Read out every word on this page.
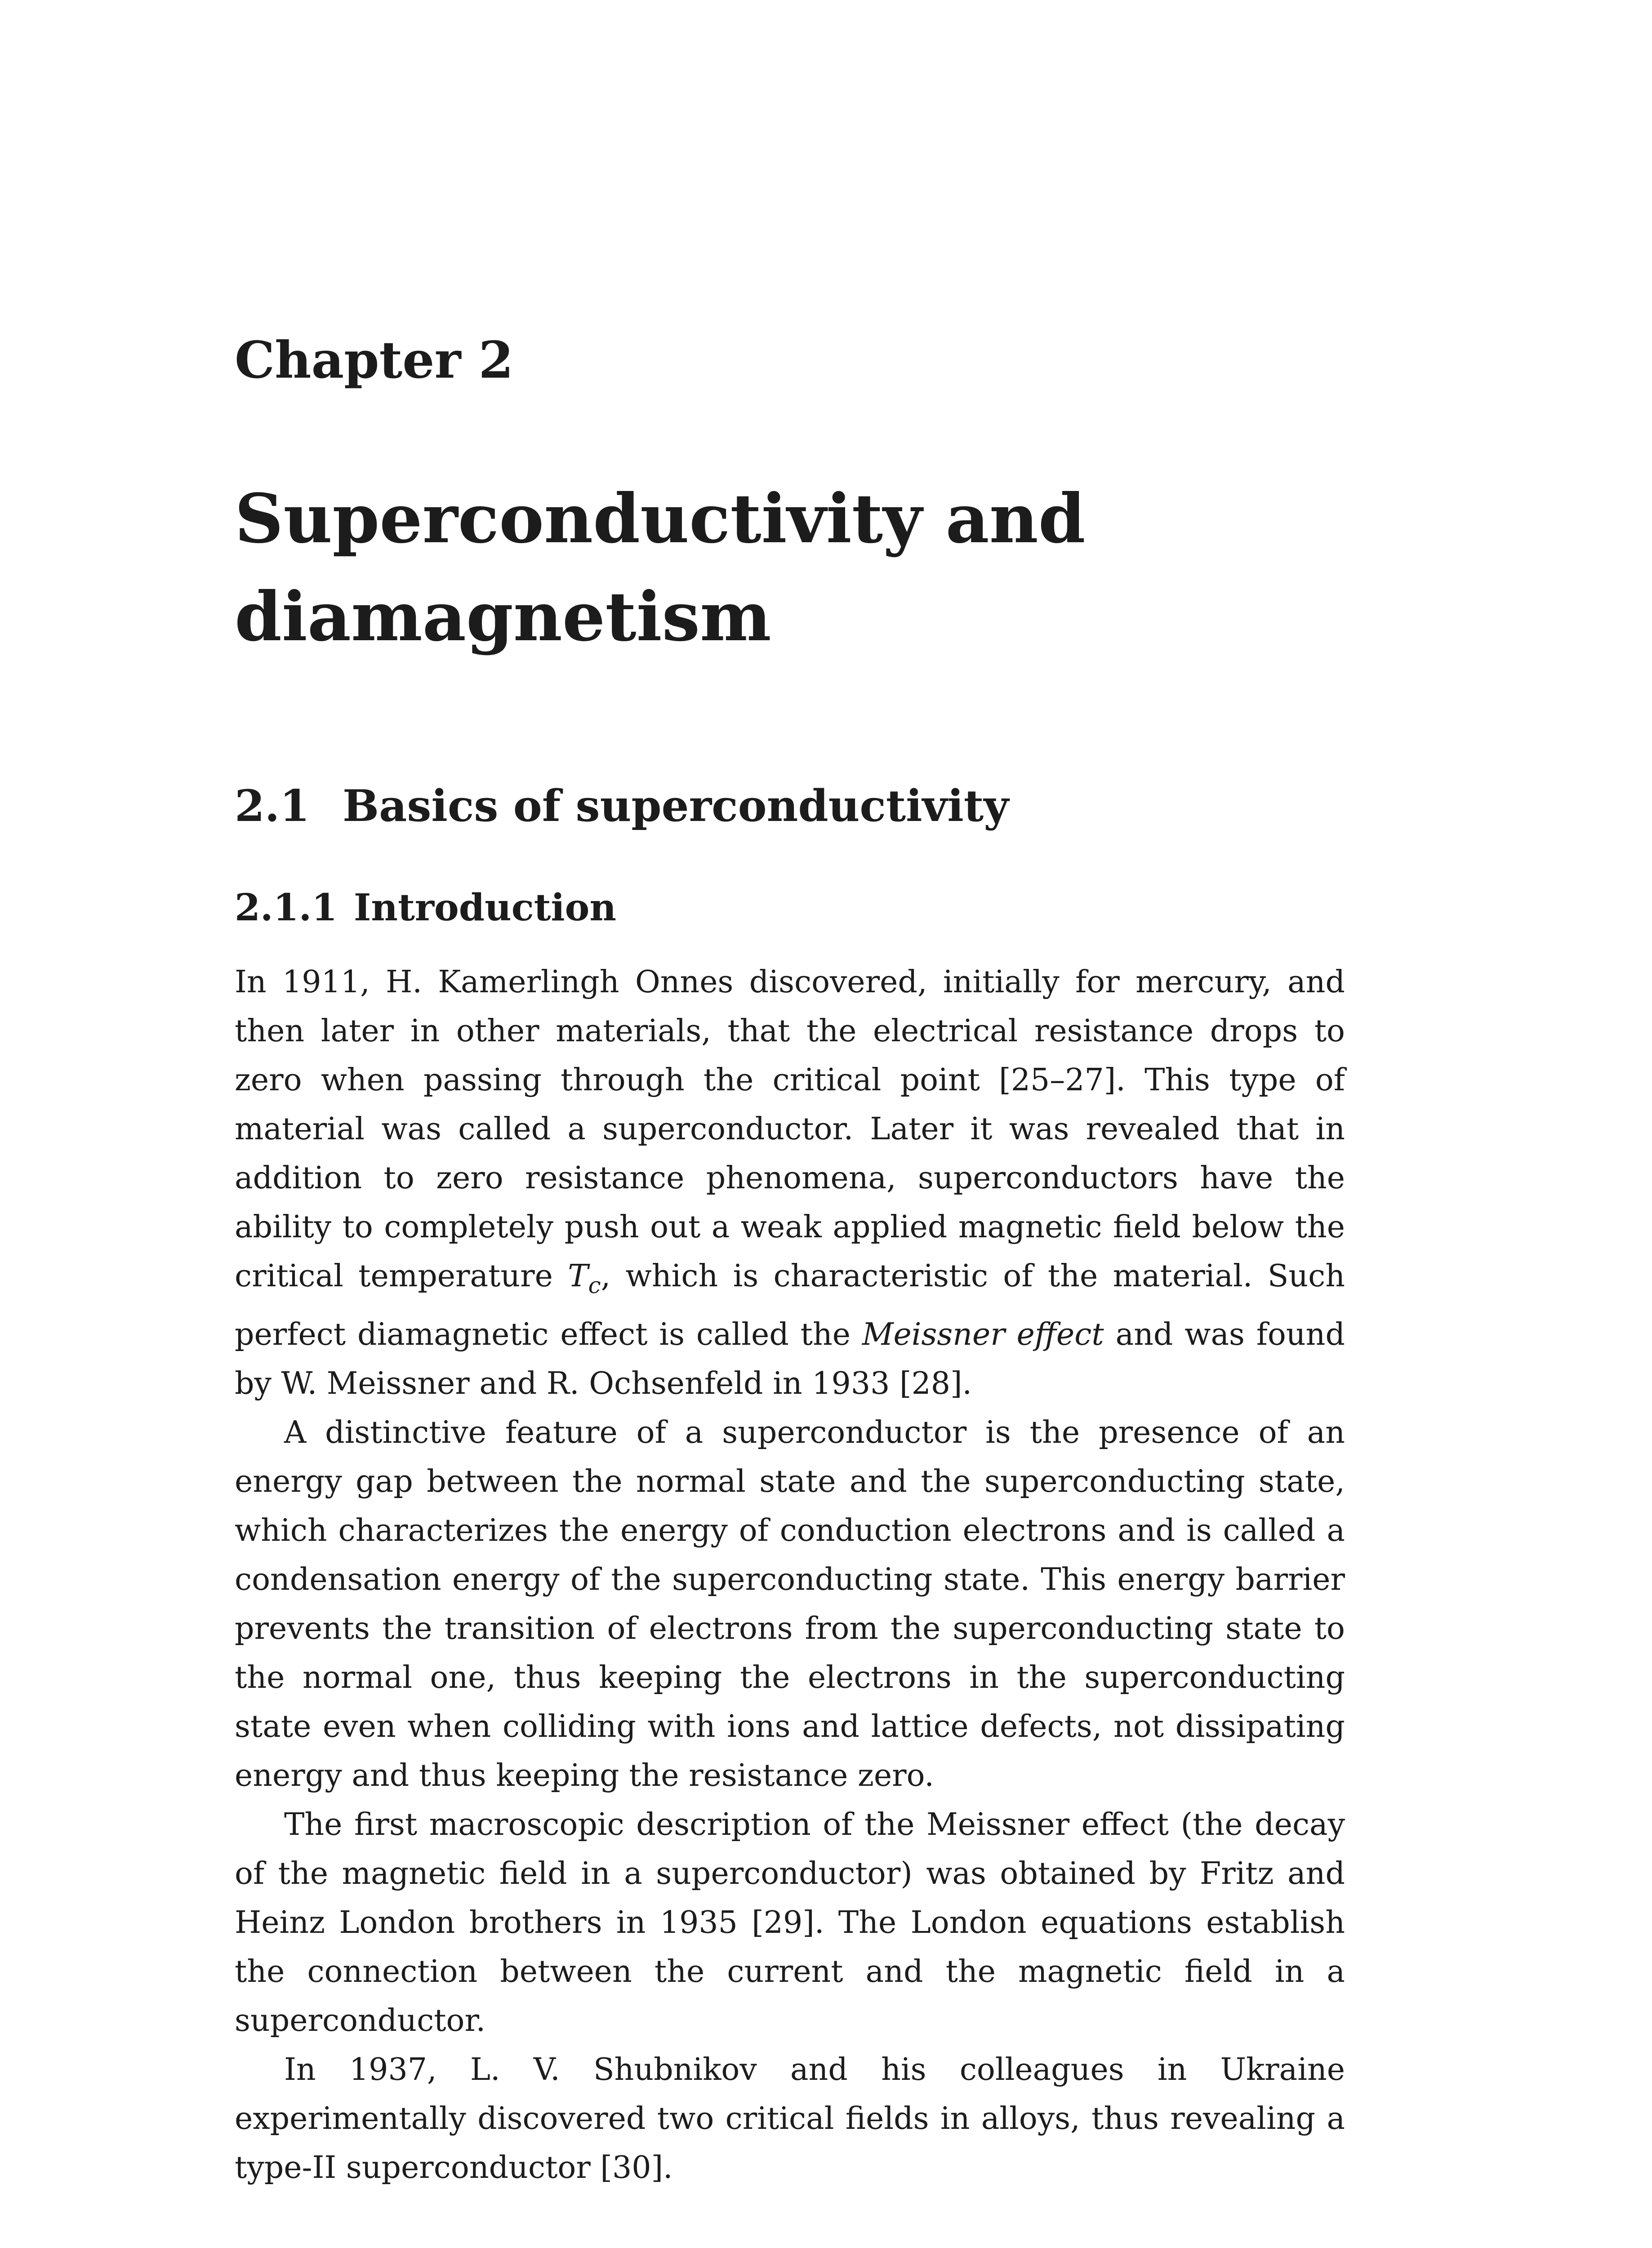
Chapter 2
Superconductivity and
diamagnetism
2.1 Basics of superconductivity
2.1.1 Introduction

In 1911, H. Kamerlingh Onnes discovered, initially for mercury, and then later in other materials, that the electrical resistance drops to zero when passing through the critical point [25–27]. This type of material was called a superconductor. Later it was revealed that in addition to zero resistance phenomena, superconductors have the ability to completely push out a weak applied magnetic field below the critical temperature $T_c$, which is characteristic of the material. Such perfect diamagnetic effect is called the Meissner effect and was found by W. Meissner and R. Ochsenfeld in 1933 [28].

A distinctive feature of a superconductor is the presence of an energy gap between the normal state and the superconducting state, which characterizes the energy of conduction electrons and is called a condensation energy of the superconducting state. This energy barrier prevents the transition of electrons from the superconducting state to the normal one, thus keeping the electrons in the superconducting state even when colliding with ions and lattice defects, not dissipating energy and thus keeping the resistance zero.

The first macroscopic description of the Meissner effect (the decay of the magnetic field in a superconductor) was obtained by Fritz and Heinz London brothers in 1935 [29]. The London equations establish the connection between the current and the magnetic field in a superconductor.

In 1937, L. V. Shubnikov and his colleagues in Ukraine experimentally discovered two critical fields in alloys, thus revealing a type-II superconductor [30].
